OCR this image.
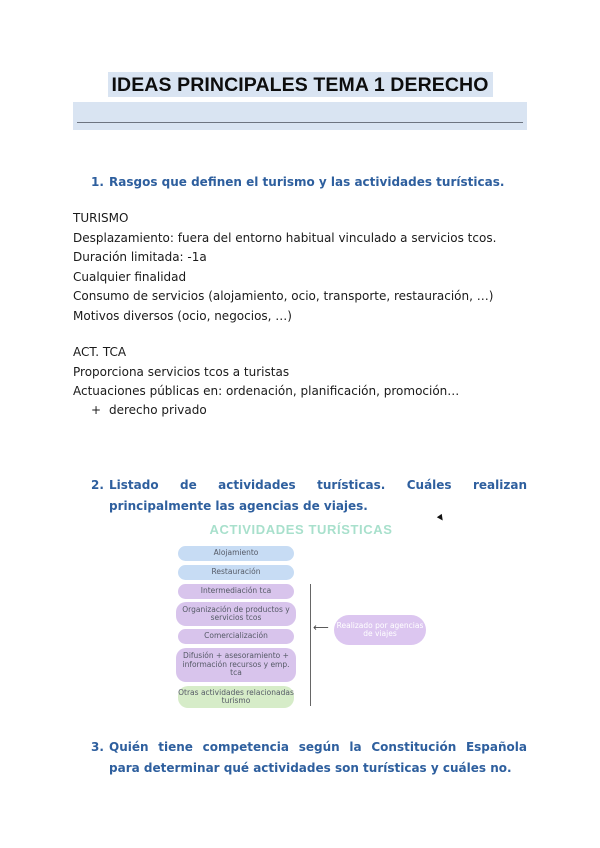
IDEAS PRINCIPALES TEMA 1 DERECHO
1. Rasgos que definen el turismo y las actividades turísticas.
TURISMO
Desplazamiento: fuera del entorno habitual vinculado a servicios tcos.
Duración limitada: -1a
Cualquier finalidad
Consumo de servicios (alojamiento, ocio, transporte, restauración, …)
Motivos diversos (ocio, negocios, …)
ACT. TCA
Proporciona servicios tcos a turistas
Actuaciones públicas en: ordenación, planificación, promoción…
+ derecho privado
2. Listado de actividades turísticas. Cuáles realizan principalmente las agencias de viajes.
ACTIVIDADES TURÍSTICAS
Alojamiento
Restauración
Intermediación tca
Organización de productos y servicios tcos
Comercialización
Difusión + asesoramiento + información recursos y emp. tca
Otras actividades relacionadas turismo
⟵	Realizado por agencias de viajes
3. Quién tiene competencia según la Constitución Española para determinar qué actividades son turísticas y cuáles no.
